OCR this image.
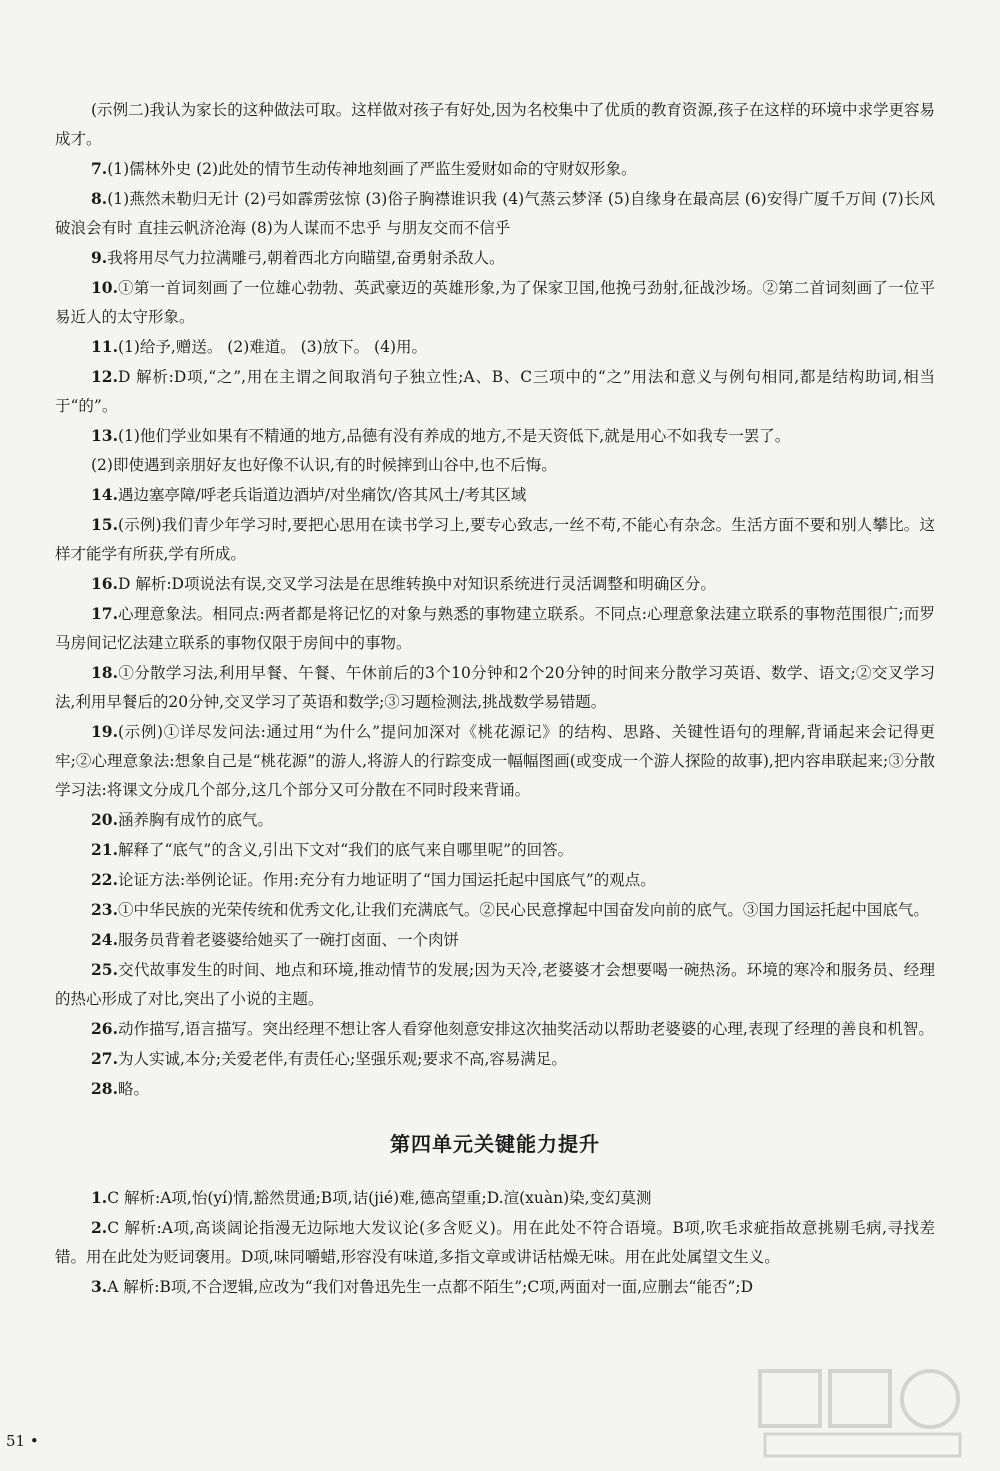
(示例二)我认为家长的这种做法可取。这样做对孩子有好处,因为名校集中了优质的教育资源,孩子在这样的环境中求学更容易成才。

7.(1)儒林外史 (2)此处的情节生动传神地刻画了严监生爱财如命的守财奴形象。

8.(1)燕然未勒归无计 (2)弓如霹雳弦惊 (3)俗子胸襟谁识我 (4)气蒸云梦泽 (5)自缘身在最高层 (6)安得广厦千万间 (7)长风破浪会有时 直挂云帆济沧海 (8)为人谋而不忠乎 与朋友交而不信乎

9.我将用尽气力拉满雕弓,朝着西北方向瞄望,奋勇射杀敌人。

10.①第一首词刻画了一位雄心勃勃、英武豪迈的英雄形象,为了保家卫国,他挽弓劲射,征战沙场。②第二首词刻画了一位平易近人的太守形象。

11.(1)给予,赠送。 (2)难道。 (3)放下。 (4)用。

12.D 解析:D项,“之”,用在主谓之间取消句子独立性;A、B、C三项中的“之”用法和意义与例句相同,都是结构助词,相当于“的”。

13.(1)他们学业如果有不精通的地方,品德有没有养成的地方,不是天资低下,就是用心不如我专一罢了。

(2)即使遇到亲朋好友也好像不认识,有的时候摔到山谷中,也不后悔。

14.遇边塞亭障/呼老兵诣道边酒垆/对坐痛饮/咨其风土/考其区域

15.(示例)我们青少年学习时,要把心思用在读书学习上,要专心致志,一丝不苟,不能心有杂念。生活方面不要和别人攀比。这样才能学有所获,学有所成。

16.D 解析:D项说法有误,交叉学习法是在思维转换中对知识系统进行灵活调整和明确区分。

17.心理意象法。相同点:两者都是将记忆的对象与熟悉的事物建立联系。不同点:心理意象法建立联系的事物范围很广;而罗马房间记忆法建立联系的事物仅限于房间中的事物。

18.①分散学习法,利用早餐、午餐、午休前后的3个10分钟和2个20分钟的时间来分散学习英语、数学、语文;②交叉学习法,利用早餐后的20分钟,交叉学习了英语和数学;③习题检测法,挑战数学易错题。

19.(示例)①详尽发问法:通过用“为什么”提问加深对《桃花源记》的结构、思路、关键性语句的理解,背诵起来会记得更牢;②心理意象法:想象自己是“桃花源”的游人,将游人的行踪变成一幅幅图画(或变成一个游人探险的故事),把内容串联起来;③分散学习法:将课文分成几个部分,这几个部分又可分散在不同时段来背诵。

20.涵养胸有成竹的底气。

21.解释了“底气”的含义,引出下文对“我们的底气来自哪里呢”的回答。

22.论证方法:举例论证。作用:充分有力地证明了“国力国运托起中国底气”的观点。

23.①中华民族的光荣传统和优秀文化,让我们充满底气。②民心民意撑起中国奋发向前的底气。③国力国运托起中国底气。

24.服务员背着老婆婆给她买了一碗打卤面、一个肉饼

25.交代故事发生的时间、地点和环境,推动情节的发展;因为天冷,老婆婆才会想要喝一碗热汤。环境的寒冷和服务员、经理的热心形成了对比,突出了小说的主题。

26.动作描写,语言描写。突出经理不想让客人看穿他刻意安排这次抽奖活动以帮助老婆婆的心理,表现了经理的善良和机智。

27.为人实诚,本分;关爱老伴,有责任心;坚强乐观;要求不高,容易满足。

28.略。

第四单元关键能力提升

1.C 解析:A项,怡(yí)情,豁然贯通;B项,诘(jié)难,德高望重;D.渲(xuàn)染,变幻莫测

2.C 解析:A项,高谈阔论指漫无边际地大发议论(多含贬义)。用在此处不符合语境。B项,吹毛求疵指故意挑剔毛病,寻找差错。用在此处为贬词褒用。D项,味同嚼蜡,形容没有味道,多指文章或讲话枯燥无味。用在此处属望文生义。

3.A 解析:B项,不合逻辑,应改为“我们对鲁迅先生一点都不陌生”;C项,两面对一面,应删去“能否”;D

51 •
